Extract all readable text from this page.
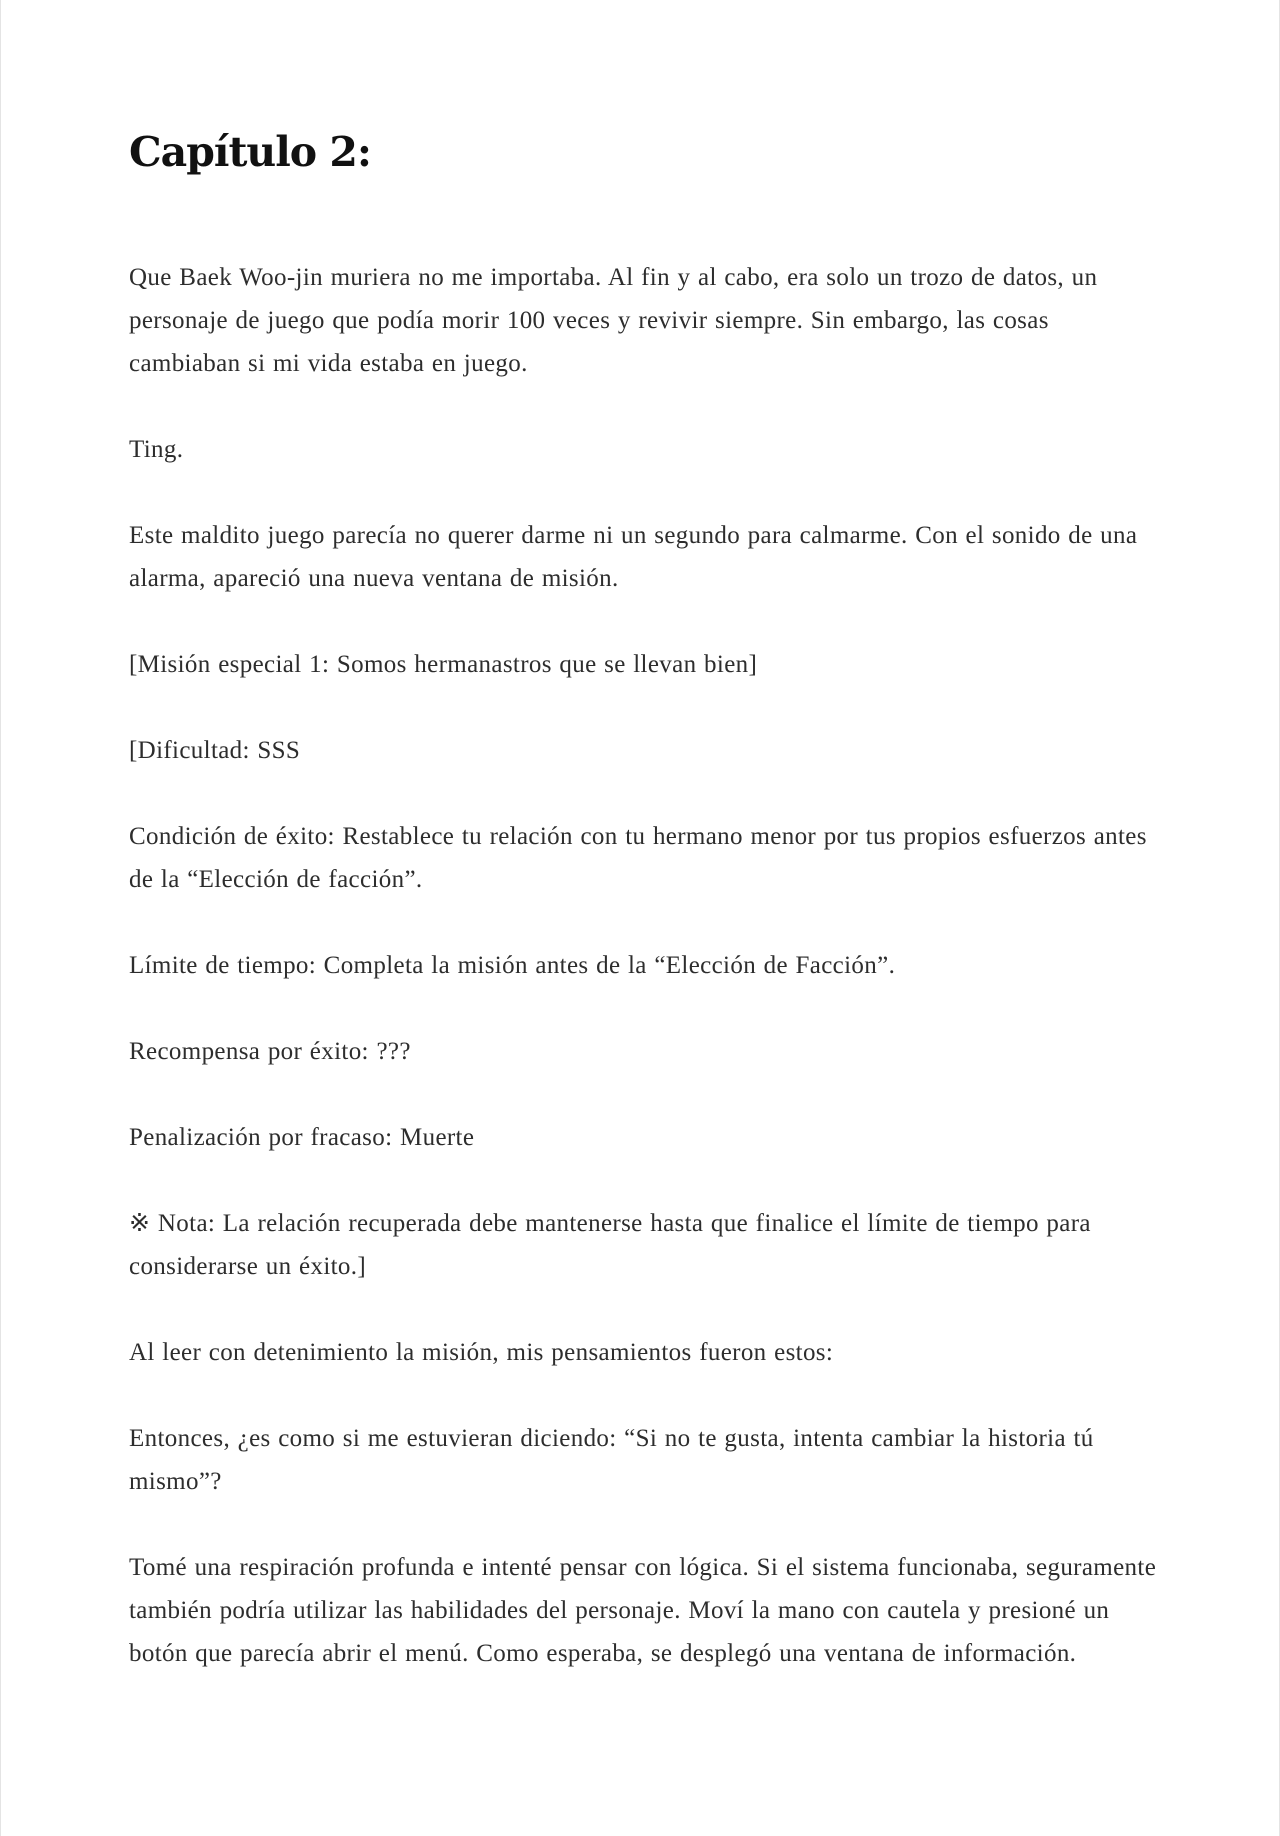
Capítulo 2:

Que Baek Woo-jin muriera no me importaba. Al fin y al cabo, era solo un trozo de datos, un personaje de juego que podía morir 100 veces y revivir siempre. Sin embargo, las cosas cambiaban si mi vida estaba en juego.

Ting.

Este maldito juego parecía no querer darme ni un segundo para calmarme. Con el sonido de una alarma, apareció una nueva ventana de misión.

[Misión especial 1: Somos hermanastros que se llevan bien]

[Dificultad: SSS

Condición de éxito: Restablece tu relación con tu hermano menor por tus propios esfuerzos antes de la “Elección de facción”.

Límite de tiempo: Completa la misión antes de la “Elección de Facción”.

Recompensa por éxito: ???

Penalización por fracaso: Muerte

※ Nota: La relación recuperada debe mantenerse hasta que finalice el límite de tiempo para considerarse un éxito.]

Al leer con detenimiento la misión, mis pensamientos fueron estos:

Entonces, ¿es como si me estuvieran diciendo: “Si no te gusta, intenta cambiar la historia tú mismo”?

Tomé una respiración profunda e intenté pensar con lógica. Si el sistema funcionaba, seguramente también podría utilizar las habilidades del personaje. Moví la mano con cautela y presioné un botón que parecía abrir el menú. Como esperaba, se desplegó una ventana de información.
